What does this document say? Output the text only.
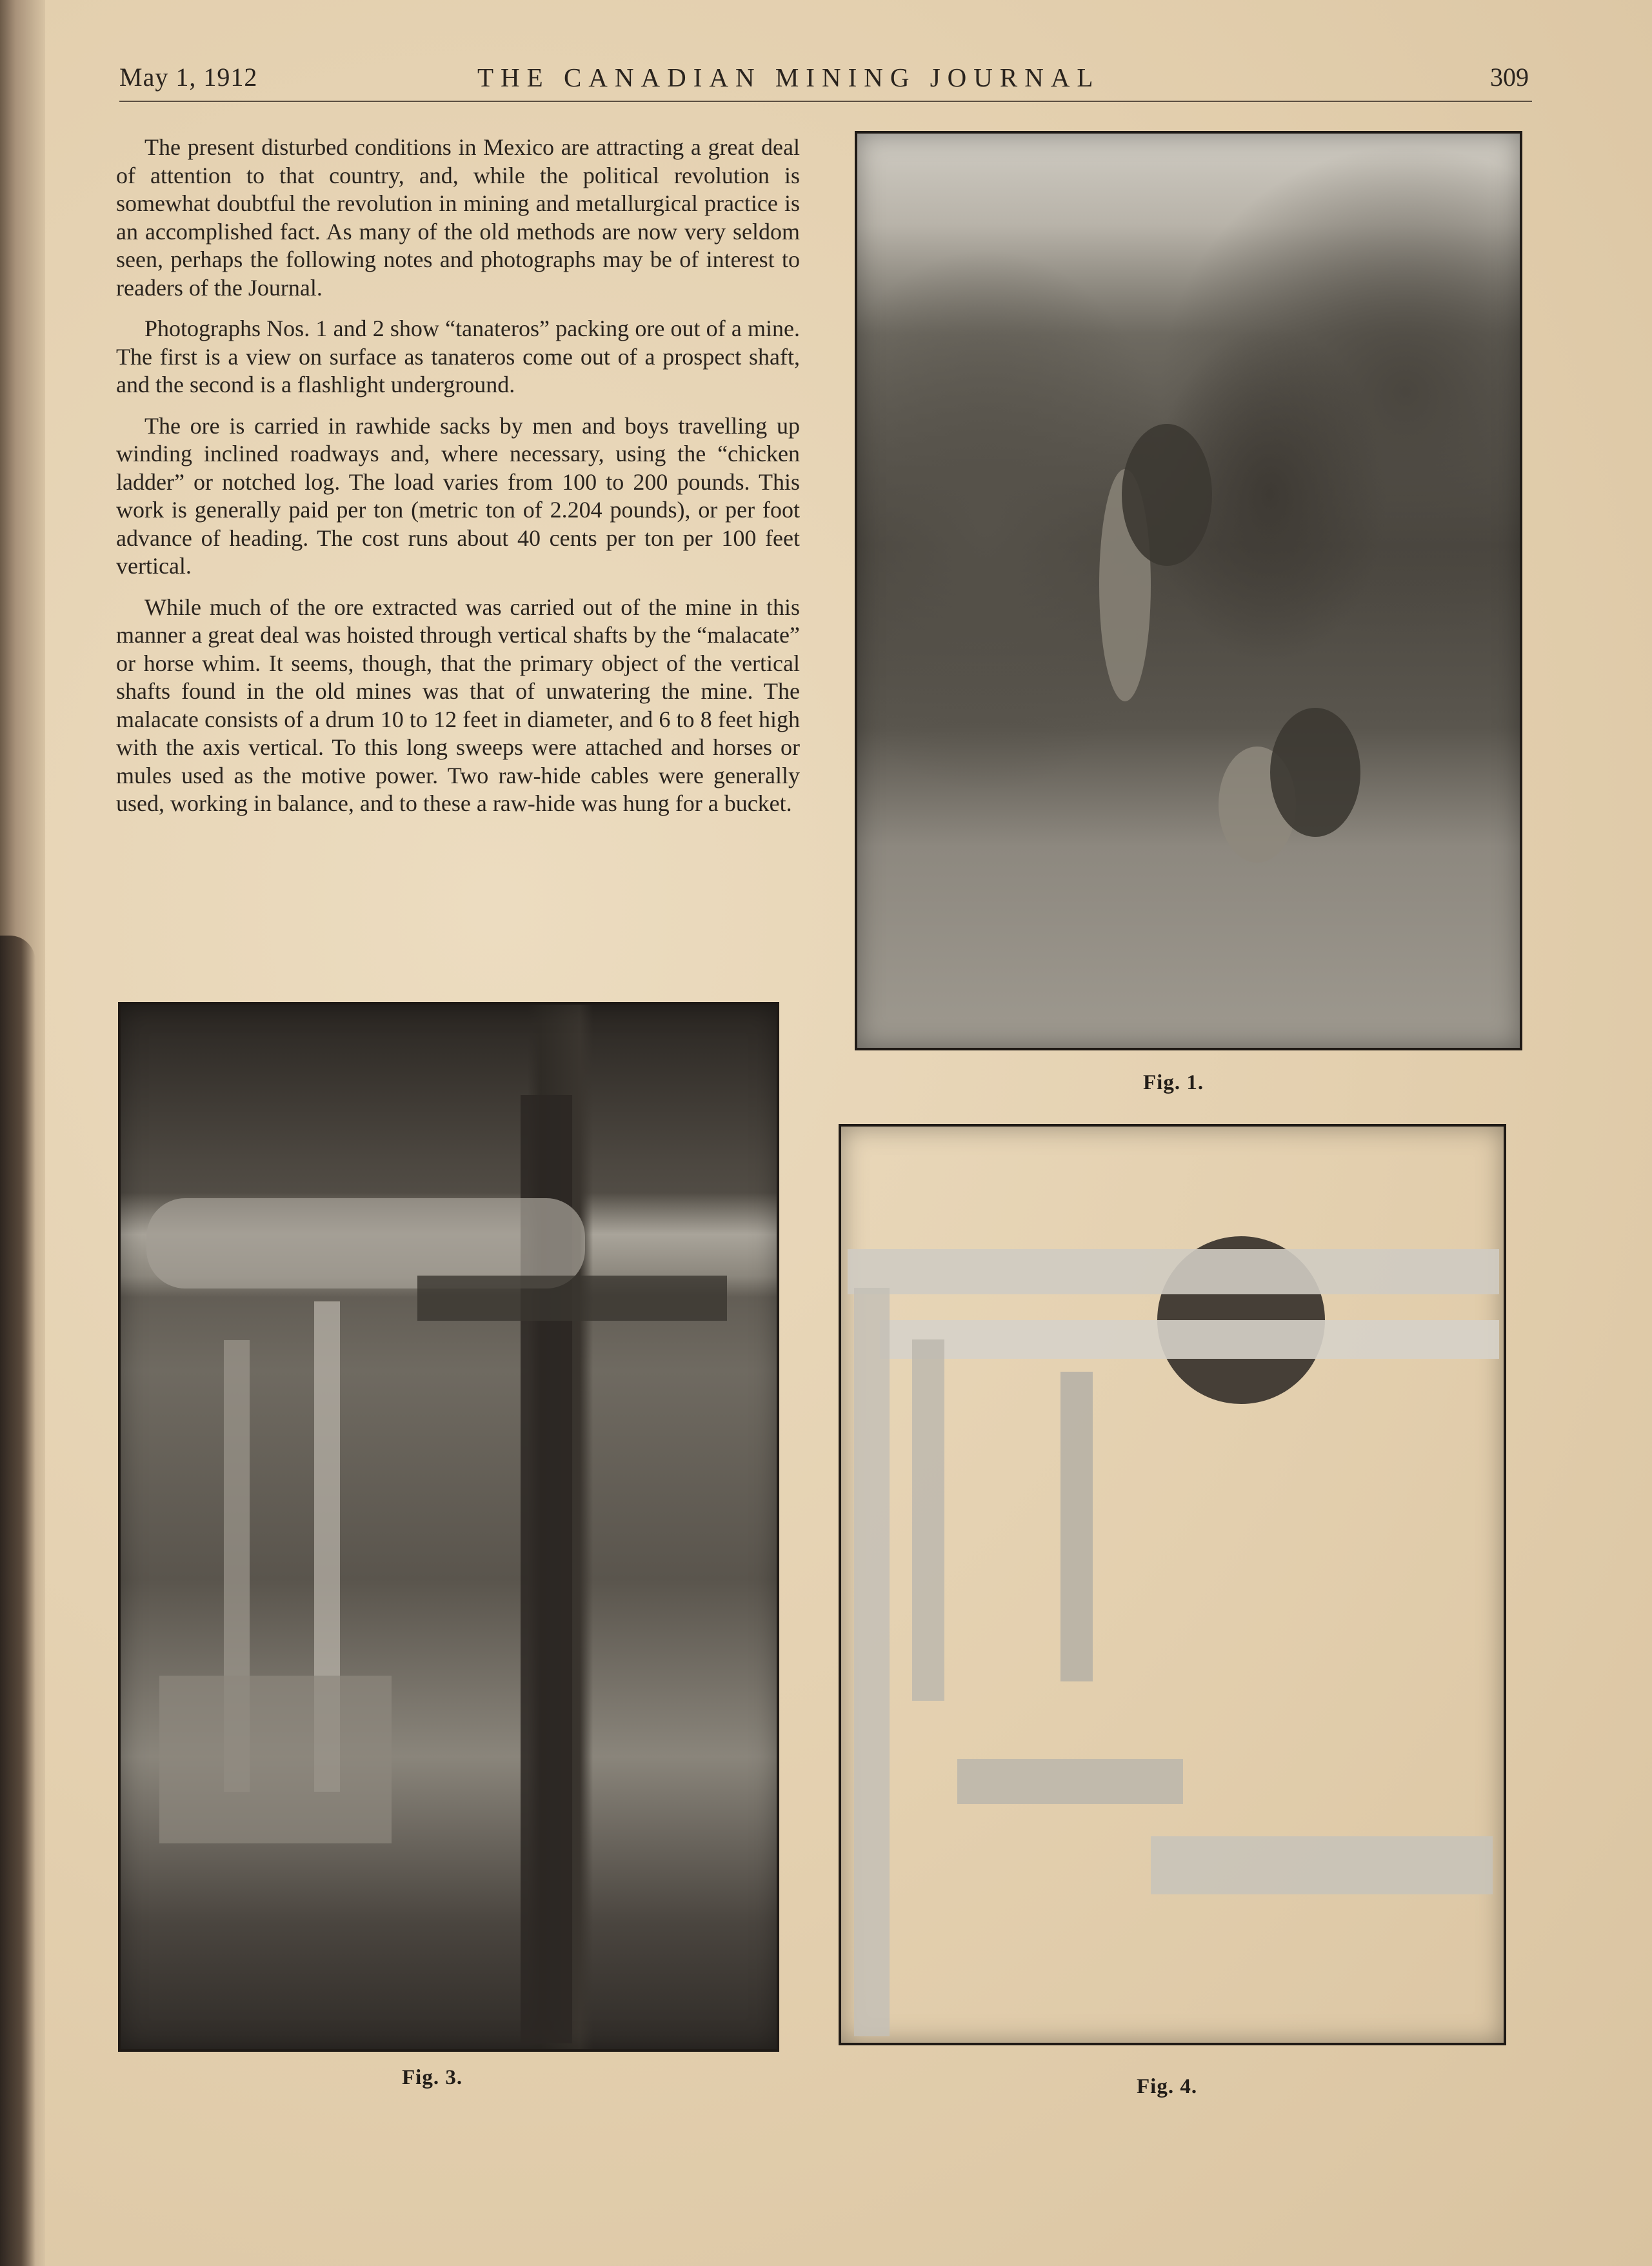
May 1, 1912	THE CANADIAN MINING JOURNAL	309

The present disturbed conditions in Mexico are attracting a great deal of attention to that country, and, while the political revolution is somewhat doubtful the revolution in mining and metallurgical practice is an accomplished fact. As many of the old methods are now very seldom seen, perhaps the following notes and photographs may be of interest to readers of the Journal.

Photographs Nos. 1 and 2 show “tanateros” packing ore out of a mine. The first is a view on surface as tanateros come out of a prospect shaft, and the second is a flashlight underground.

The ore is carried in rawhide sacks by men and boys travelling up winding inclined roadways and, where necessary, using the “chicken ladder” or notched log. The load varies from 100 to 200 pounds. This work is generally paid per ton (metric ton of 2.204 pounds), or per foot advance of heading. The cost runs about 40 cents per ton per 100 feet vertical.

While much of the ore extracted was carried out of the mine in this manner a great deal was hoisted through vertical shafts by the “malacate” or horse whim. It seems, though, that the primary object of the vertical shafts found in the old mines was that of unwatering the mine. The malacate consists of a drum 10 to 12 feet in diameter, and 6 to 8 feet high with the axis vertical. To this long sweeps were attached and horses or mules used as the motive power. Two raw-hide cables were generally used, working in balance, and to these a raw-hide was hung for a bucket.

Fig. 1.
Fig. 3.	Fig. 4.
